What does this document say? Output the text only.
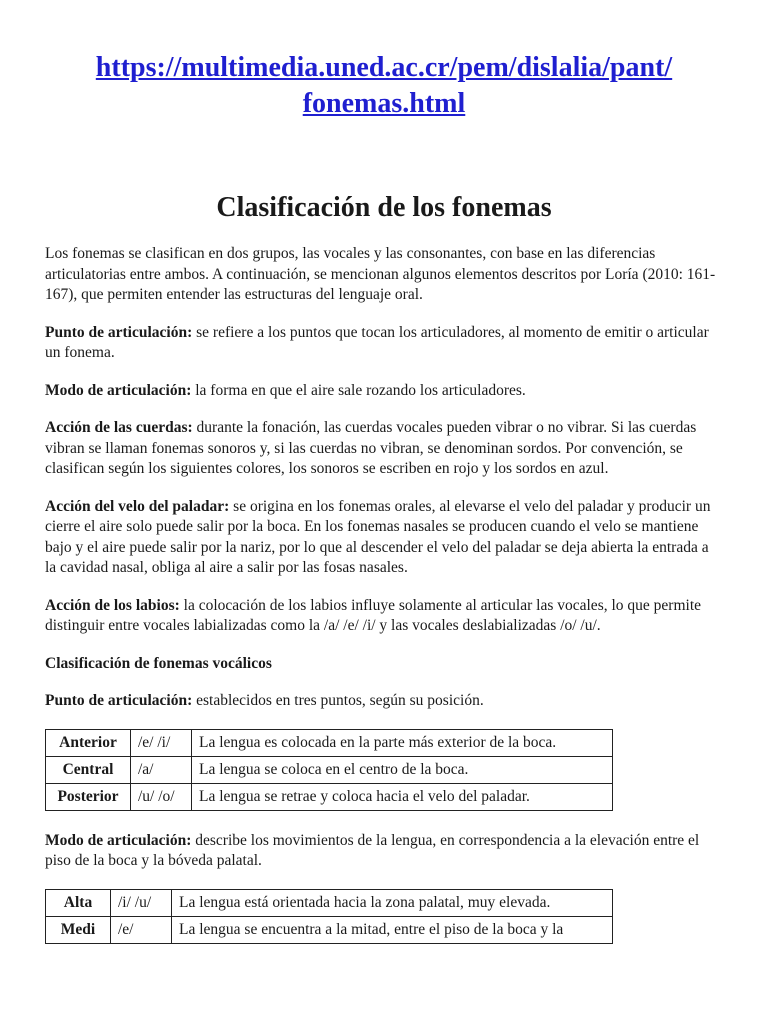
https://multimedia.uned.ac.cr/pem/dislalia/pant/
fonemas.html
Clasificación de los fonemas

Los fonemas se clasifican en dos grupos, las vocales y las consonantes, con base en las diferencias articulatorias entre ambos. A continuación, se mencionan algunos elementos descritos por Loría (2010: 161-167), que permiten entender las estructuras del lenguaje oral.

Punto de articulación: se refiere a los puntos que tocan los articuladores, al momento de emitir o articular un fonema.

Modo de articulación: la forma en que el aire sale rozando los articuladores.

Acción de las cuerdas: durante la fonación, las cuerdas vocales pueden vibrar o no vibrar. Si las cuerdas vibran se llaman fonemas sonoros y, si las cuerdas no vibran, se denominan sordos. Por convención, se clasifican según los siguientes colores, los sonoros se escriben en rojo y los sordos en azul.

Acción del velo del paladar: se origina en los fonemas orales, al elevarse el velo del paladar y producir un cierre el aire solo puede salir por la boca. En los fonemas nasales se producen cuando el velo se mantiene bajo y el aire puede salir por la nariz, por lo que al descender el velo del paladar se deja abierta la entrada a la cavidad nasal, obliga al aire a salir por las fosas nasales.

Acción de los labios: la colocación de los labios influye solamente al articular las vocales, lo que permite distinguir entre vocales labializadas como la /a/ /e/ /i/ y las vocales deslabializadas /o/ /u/.

Clasificación de fonemas vocálicos

Punto de articulación: establecidos en tres puntos, según su posición.

Anterior	/e/ /i/	La lengua es colocada en la parte más exterior de la boca.
Central	/a/	La lengua se coloca en el centro de la boca.
Posterior	/u/ /o/	La lengua se retrae y coloca hacia el velo del paladar.

Modo de articulación: describe los movimientos de la lengua, en correspondencia a la elevación entre el piso de la boca y la bóveda palatal.

Alta	/i/ /u/	La lengua está orientada hacia la zona palatal, muy elevada.
Medi	/e/	La lengua se encuentra a la mitad, entre el piso de la boca y la
